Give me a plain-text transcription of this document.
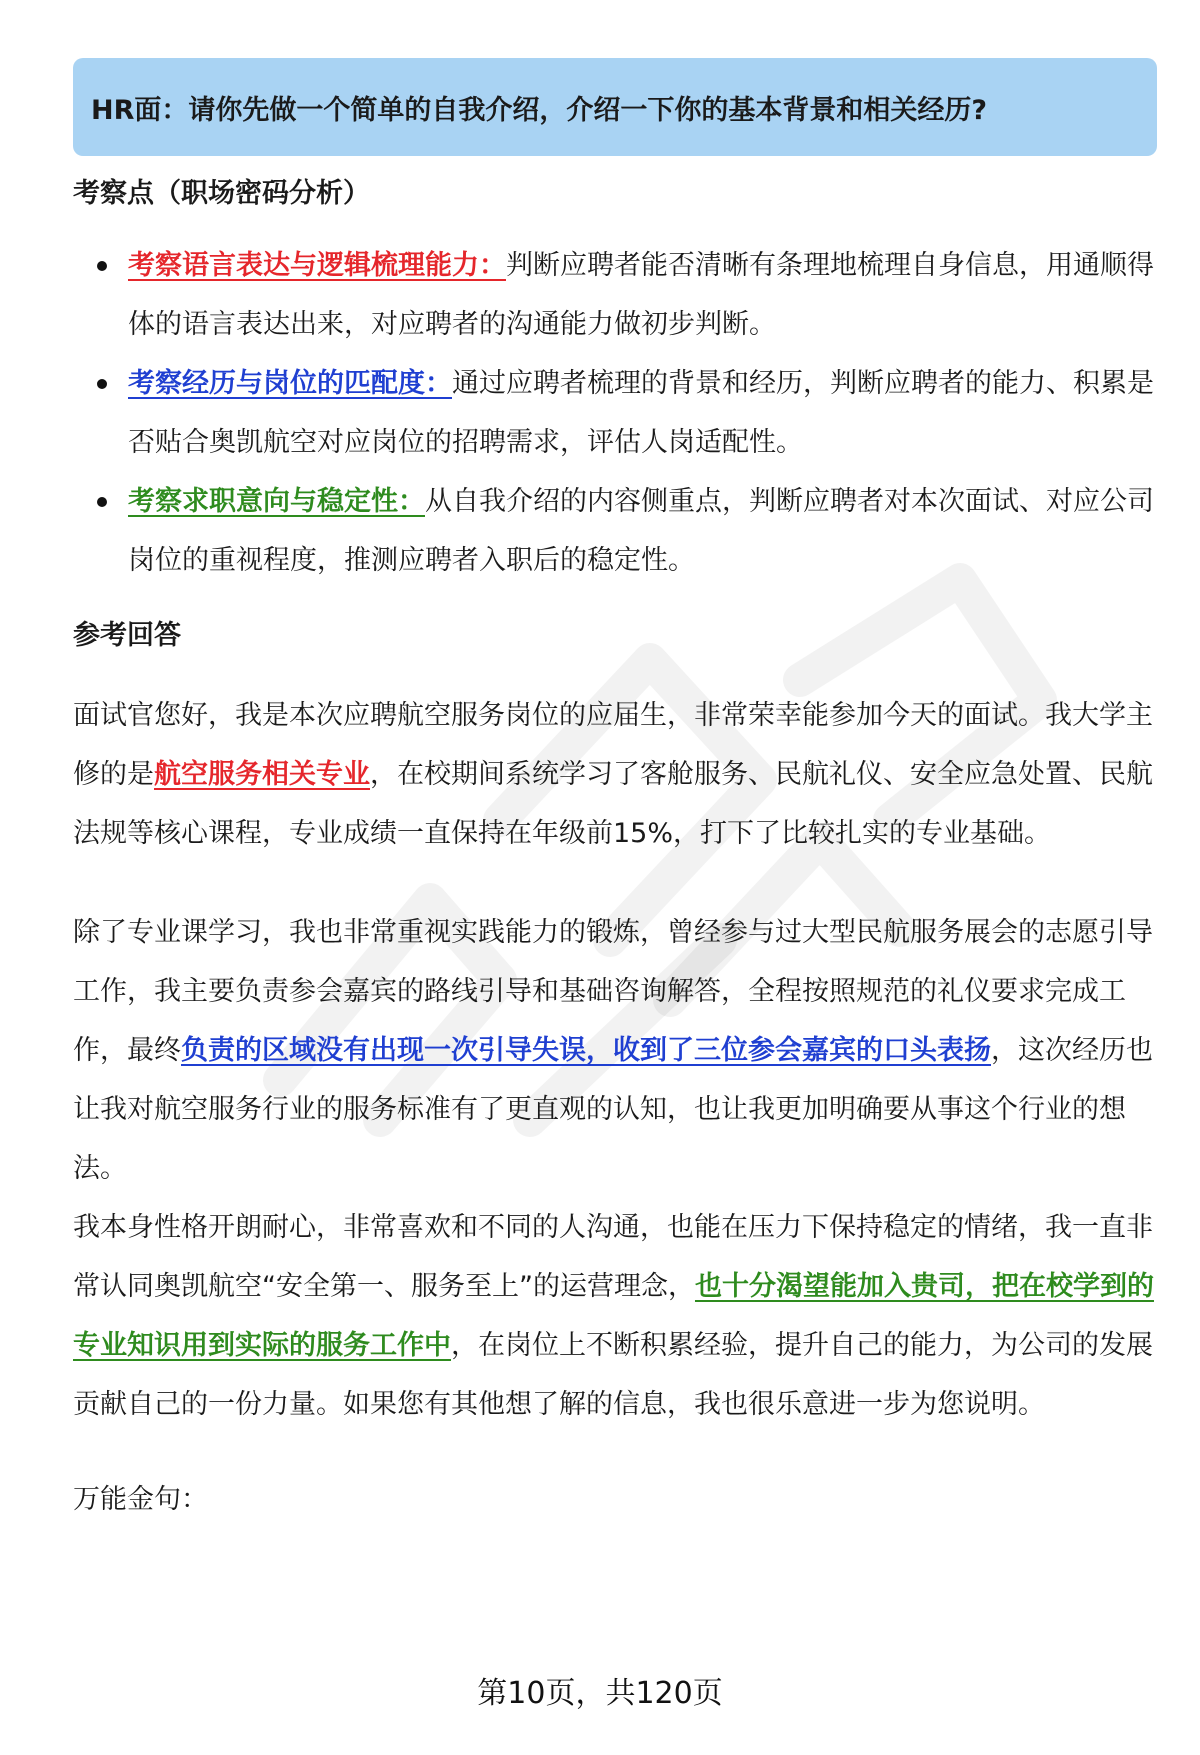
HR面：请你先做一个简单的自我介绍，介绍一下你的基本背景和相关经历?
考察点（职场密码分析）
考察语言表达与逻辑梳理能力：判断应聘者能否清晰有条理地梳理自身信息，用通顺得体的语言表达出来，对应聘者的沟通能力做初步判断。
考察经历与岗位的匹配度：通过应聘者梳理的背景和经历，判断应聘者的能力、积累是否贴合奥凯航空对应岗位的招聘需求，评估人岗适配性。
考察求职意向与稳定性：从自我介绍的内容侧重点，判断应聘者对本次面试、对应公司岗位的重视程度，推测应聘者入职后的稳定性。
参考回答

面试官您好，我是本次应聘航空服务岗位的应届生，非常荣幸能参加今天的面试。我大学主修的是航空服务相关专业，在校期间系统学习了客舱服务、民航礼仪、安全应急处置、民航法规等核心课程，专业成绩一直保持在年级前15%，打下了比较扎实的专业基础。

除了专业课学习，我也非常重视实践能力的锻炼，曾经参与过大型民航服务展会的志愿引导工作，我主要负责参会嘉宾的路线引导和基础咨询解答，全程按照规范的礼仪要求完成工作，最终负责的区域没有出现一次引导失误，收到了三位参会嘉宾的口头表扬，这次经历也让我对航空服务行业的服务标准有了更直观的认知，也让我更加明确要从事这个行业的想法。

我本身性格开朗耐心，非常喜欢和不同的人沟通，也能在压力下保持稳定的情绪，我一直非常认同奥凯航空“安全第一、服务至上”的运营理念，也十分渴望能加入贵司，把在校学到的专业知识用到实际的服务工作中，在岗位上不断积累经验，提升自己的能力，为公司的发展贡献自己的一份力量。如果您有其他想了解的信息，我也很乐意进一步为您说明。

万能金句：

第10页，共120页
